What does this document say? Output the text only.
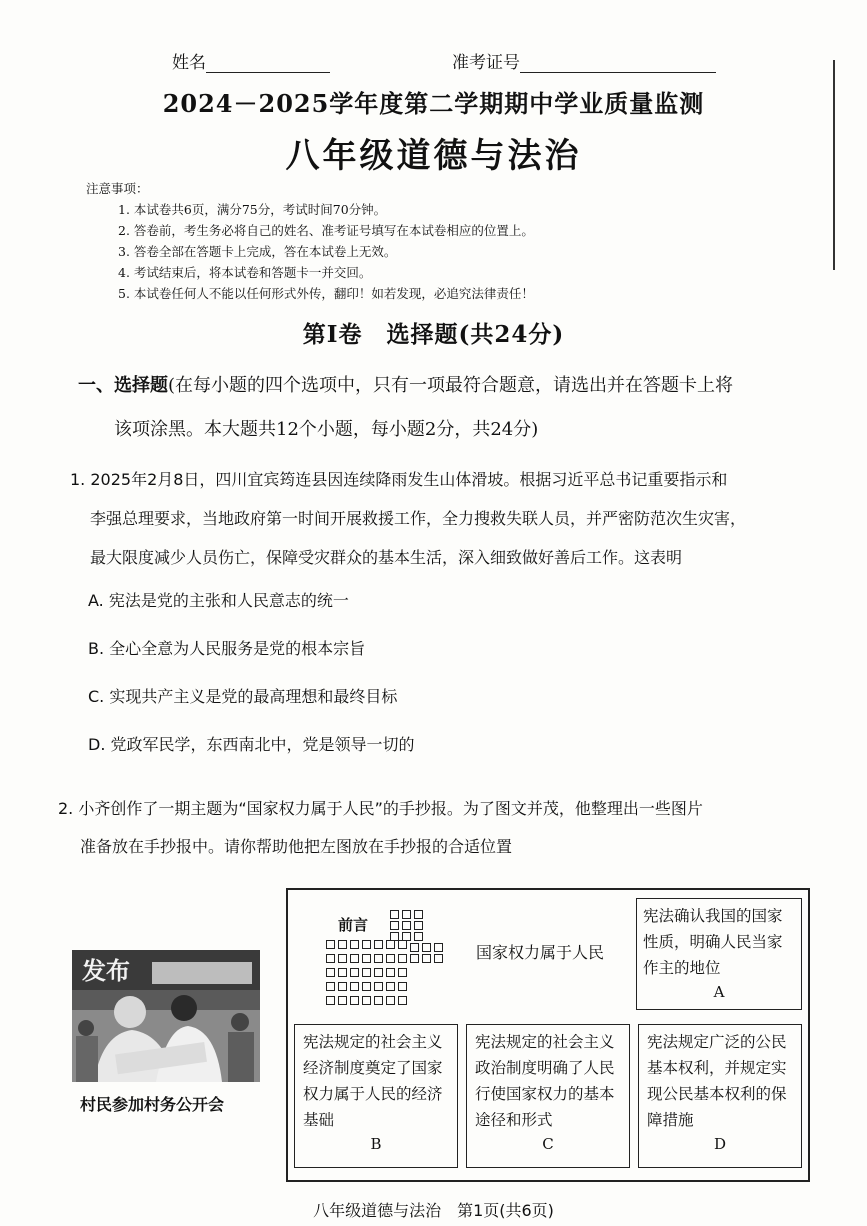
姓名	准考证号
2024－2025学年度第二学期期中学业质量监测
八年级道德与法治
注意事项：
1. 本试卷共6页，满分75分，考试时间70分钟。
2. 答卷前，考生务必将自己的姓名、准考证号填写在本试卷相应的位置上。
3. 答卷全部在答题卡上完成，答在本试卷上无效。
4. 考试结束后，将本试卷和答题卡一并交回。
5. 本试卷任何人不能以任何形式外传，翻印！如若发现，必追究法律责任！
第Ⅰ卷　选择题(共24分)
一、选择题(在每小题的四个选项中，只有一项最符合题意，请选出并在答题卡上将
该项涂黑。本大题共12个小题，每小题2分，共24分)
1. 2025年2月8日，四川宜宾筠连县因连续降雨发生山体滑坡。根据习近平总书记重要指示和
李强总理要求，当地政府第一时间开展救援工作，全力搜救失联人员，并严密防范次生灾害，
最大限度减少人员伤亡，保障受灾群众的基本生活，深入细致做好善后工作。这表明
A. 宪法是党的主张和人民意志的统一
B. 全心全意为人民服务是党的根本宗旨
C. 实现共产主义是党的最高理想和最终目标
D. 党政军民学，东西南北中，党是领导一切的
2. 小齐创作了一期主题为“国家权力属于人民”的手抄报。为了图文并茂，他整理出一些图片
准备放在手抄报中。请你帮助他把左图放在手抄报的合适位置
发布
村民参加村务公开会
前言
国家权力属于人民
宪法确认我国的国家性质，明确人民当家作主的地位
A
宪法规定的社会主义经济制度奠定了国家权力属于人民的经济基础
B
宪法规定的社会主义政治制度明确了人民行使国家权力的基本途径和形式
C
宪法规定广泛的公民基本权利，并规定实现公民基本权利的保障措施
D
八年级道德与法治　第1页(共6页)
